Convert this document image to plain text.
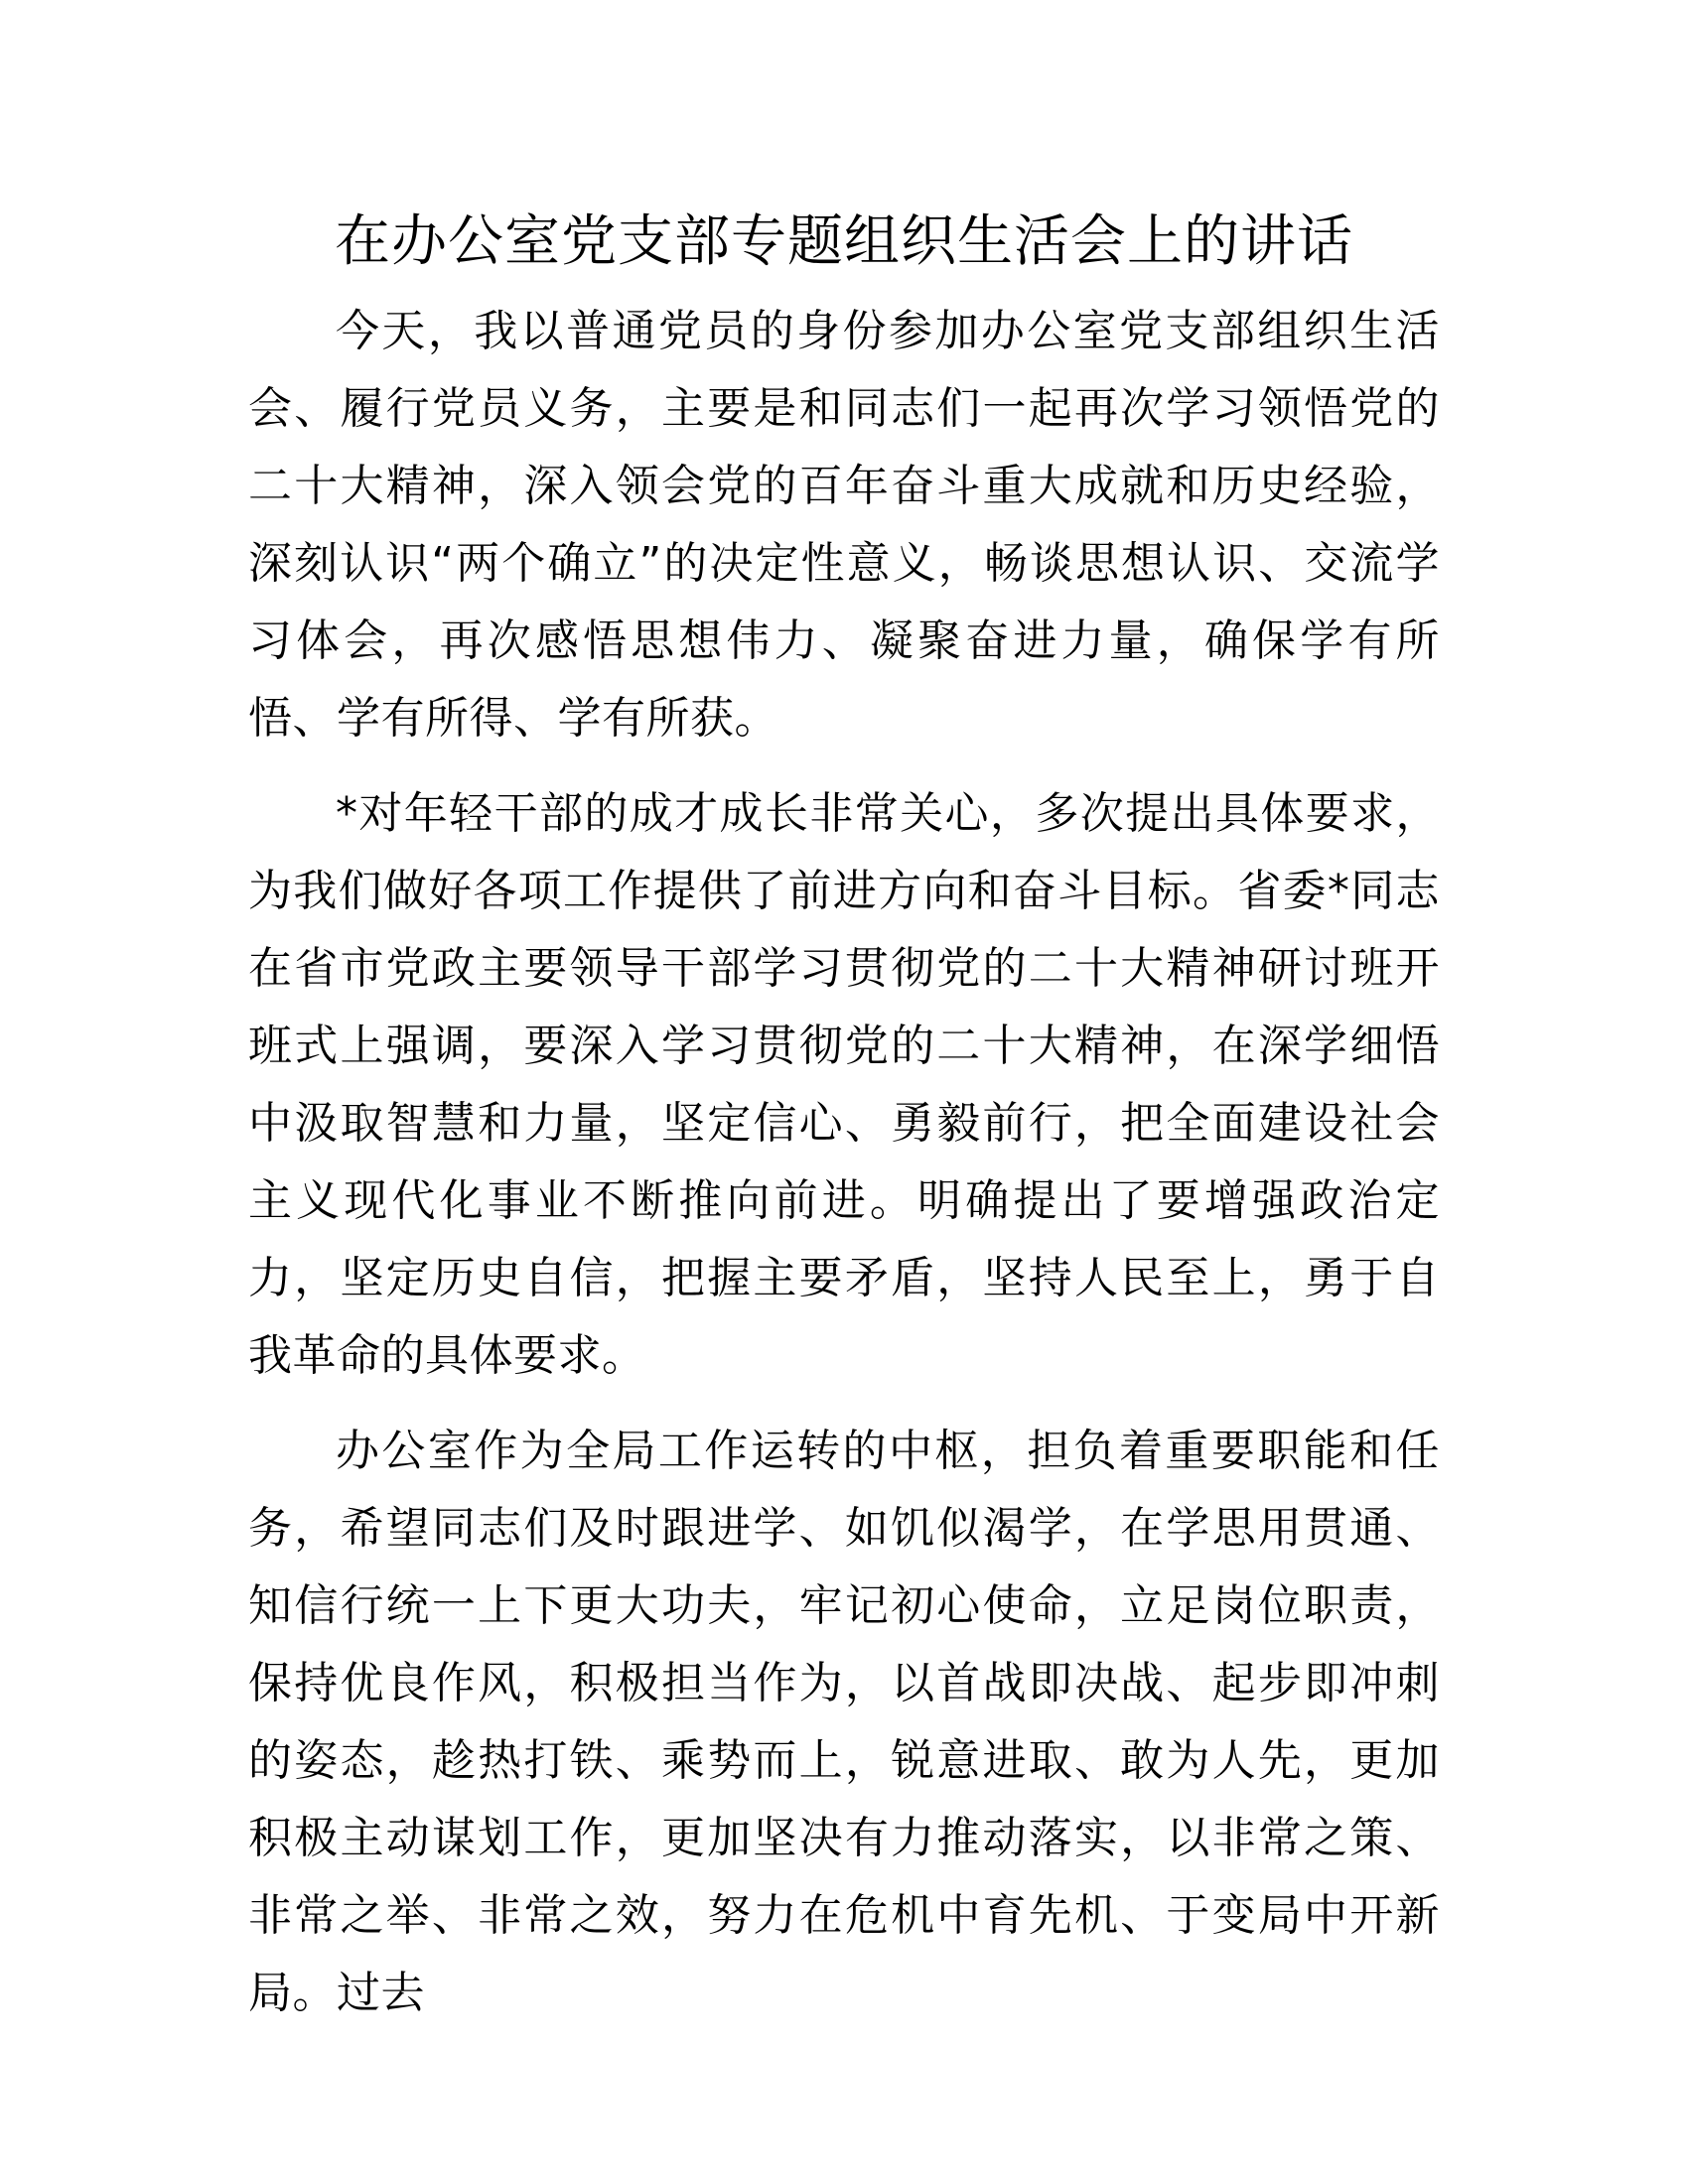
在办公室党支部专题组织生活会上的讲话

今天，我以普通党员的身份参加办公室党支部组织生活会、履行党员义务，主要是和同志们一起再次学习领悟党的二十大精神，深入领会党的百年奋斗重大成就和历史经验，深刻认识“两个确立”的决定性意义，畅谈思想认识、交流学习体会，再次感悟思想伟力、凝聚奋进力量，确保学有所悟、学有所得、学有所获。

*对年轻干部的成才成长非常关心，多次提出具体要求，为我们做好各项工作提供了前进方向和奋斗目标。省委*同志在省市党政主要领导干部学习贯彻党的二十大精神研讨班开班式上强调，要深入学习贯彻党的二十大精神，在深学细悟中汲取智慧和力量，坚定信心、勇毅前行，把全面建设社会主义现代化事业不断推向前进。明确提出了要增强政治定力，坚定历史自信，把握主要矛盾，坚持人民至上，勇于自我革命的具体要求。

办公室作为全局工作运转的中枢，担负着重要职能和任务，希望同志们及时跟进学、如饥似渴学，在学思用贯通、知信行统一上下更大功夫，牢记初心使命，立足岗位职责，保持优良作风，积极担当作为，以首战即决战、起步即冲刺的姿态，趁热打铁、乘势而上，锐意进取、敢为人先，更加积极主动谋划工作，更加坚决有力推动落实，以非常之策、非常之举、非常之效，努力在危机中育先机、于变局中开新局。过去
